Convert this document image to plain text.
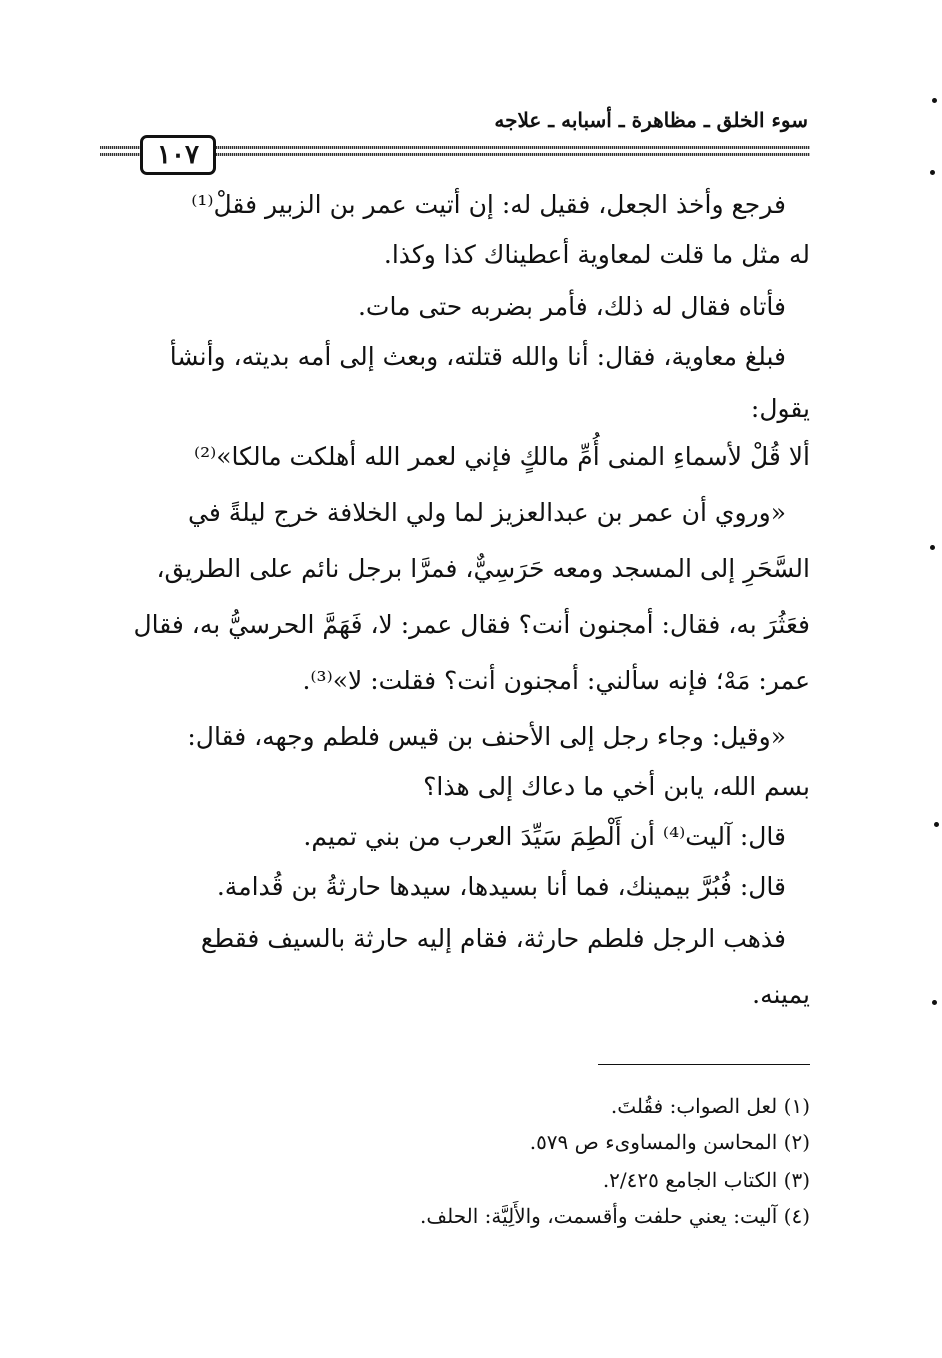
سوء الخلق ـ مظاهرة ـ أسبابه ـ علاجه
١٠٧
فرجع وأخذ الجعل، فقيل له: إن أتيت عمر بن الزبير فقلْ⁽¹⁾
له مثل ما قلت لمعاوية أعطيناك كذا وكذا.
فأتاه فقال له ذلك، فأمر بضربه حتى مات.
فبلغ معاوية، فقال: أنا والله قتلته، وبعث إلى أمه بديته، وأنشأ
يقول:
ألا قُلْ لأسماءِ المنى أُمِّ مالكٍ فإني لعمر الله أهلكت مالكا»⁽²⁾
«وروي أن عمر بن عبدالعزيز لما ولي الخلافة خرج ليلةً في
السَّحَرِ إلى المسجد ومعه حَرَسِيٌّ، فمرَّا برجل نائم على الطريق،
فعَثُرَ به، فقال: أمجنون أنت؟ فقال عمر: لا، فَهَمَّ الحرسيُّ به، فقال
عمر: مَهْ؛ فإنه سألني: أمجنون أنت؟ فقلت: لا»⁽³⁾.
«وقيل: وجاء رجل إلى الأحنف بن قيس فلطم وجهه، فقال:
بسم الله، يابن أخي ما دعاك إلى هذا؟
قال: آليت⁽⁴⁾ أن أَلْطِمَ سَيِّدَ العرب من بني تميم.
قال: فُبُرَّ بيمينك، فما أنا بسيدها، سيدها حارثةُ بن قُدامة.
فذهب الرجل فلطم حارثة، فقام إليه حارثة بالسيف فقطع
يمينه.
(١) لعل الصواب: فقُلتَ.
(٢) المحاسن والمساوىء ص ٥٧٩.
(٣) الكتاب الجامع ٢/٤٢٥.
(٤) آليت: يعني حلفت وأقسمت، والأَلِيَّة: الحلف.
